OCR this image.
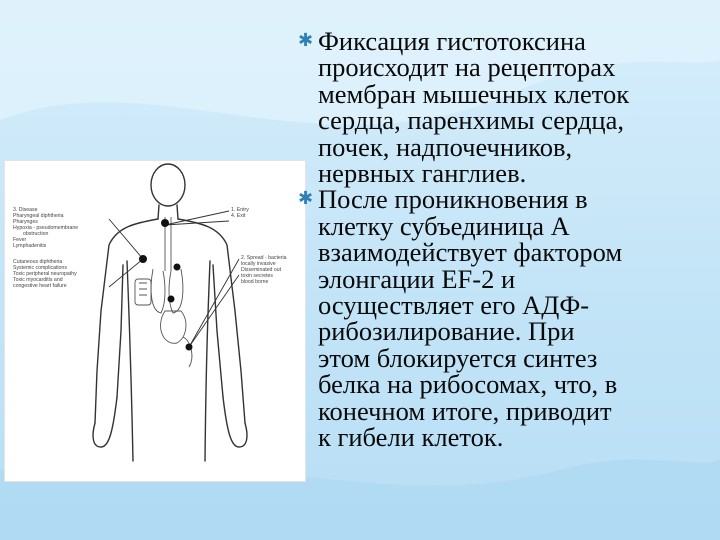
3. Disease
Pharyngeal diphtheria
Pharynges
Hypoxia - pseudomembrane
obstruction
Fever
Lymphadenitis
Cutaneous diphtheria
Systemic complications
Toxic peripheral neuropathy
Toxic myocarditis and
congestive heart failure
1. Entry
4. Exit
2. Spread - bacteria
locally invasive
Disseminated out
toxin secretes
blood borne
✱ Фиксация гистотоксина
происходит на рецепторах
мембран мышечных клеток
сердца, паренхимы сердца,
почек, надпочечников,
нервных ганглиев.
✱ После проникновения в
клетку субъединица А
взаимодействует фактором
элонгации EF-2 и
осуществляет его АДФ-
рибозилирование. При
этом блокируется синтез
белка на рибосомах, что, в
конечном итоге, приводит
к гибели клеток.
